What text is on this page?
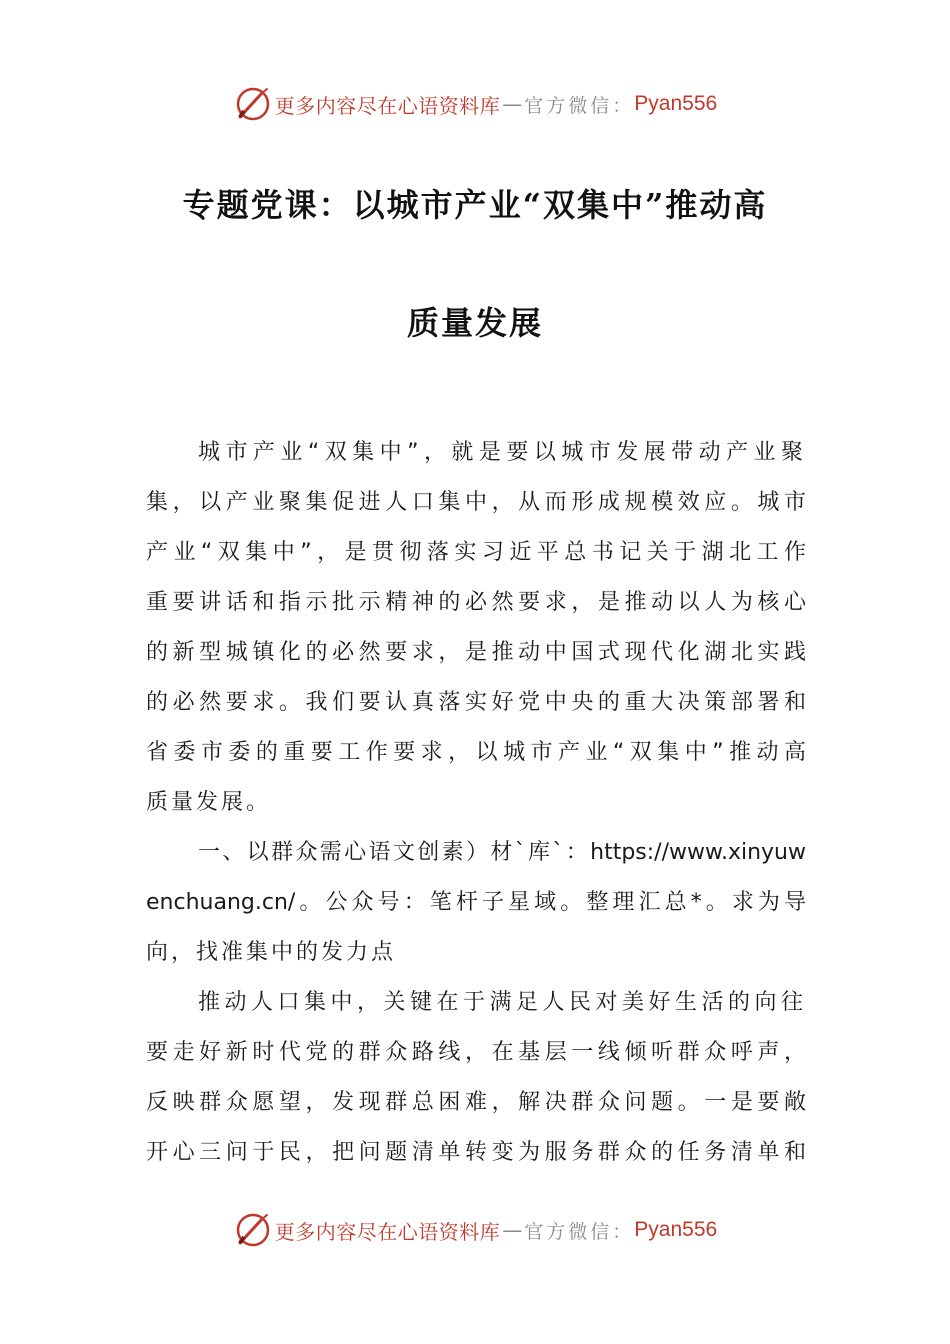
更多内容尽在心语资料库 — 官方微信： Pyan556
专题党课：以城市产业“双集中”推动高
质量发展
城市产业“双集中”，就是要以城市发展带动产业聚
集，以产业聚集促进人口集中，从而形成规模效应。城市
产业“双集中”，是贯彻落实习近平总书记关于湖北工作
重要讲话和指示批示精神的必然要求，是推动以人为核心
的新型城镇化的必然要求，是推动中国式现代化湖北实践
的必然要求。我们要认真落实好党中央的重大决策部署和
省委市委的重要工作要求，以城市产业“双集中”推动高
质量发展。
一、以群众需心语文创素）材`库`：https://www.xinyuw
enchuang.cn/。公众号：笔杆子星域。整理汇总*。求为导
向，找准集中的发力点
推动人口集中，关键在于满足人民对美好生活的向往
要走好新时代党的群众路线，在基层一线倾听群众呼声，
反映群众愿望，发现群总困难，解决群众问题。一是要敞
开心三问于民，把问题清单转变为服务群众的任务清单和
更多内容尽在心语资料库 — 官方微信： Pyan556
